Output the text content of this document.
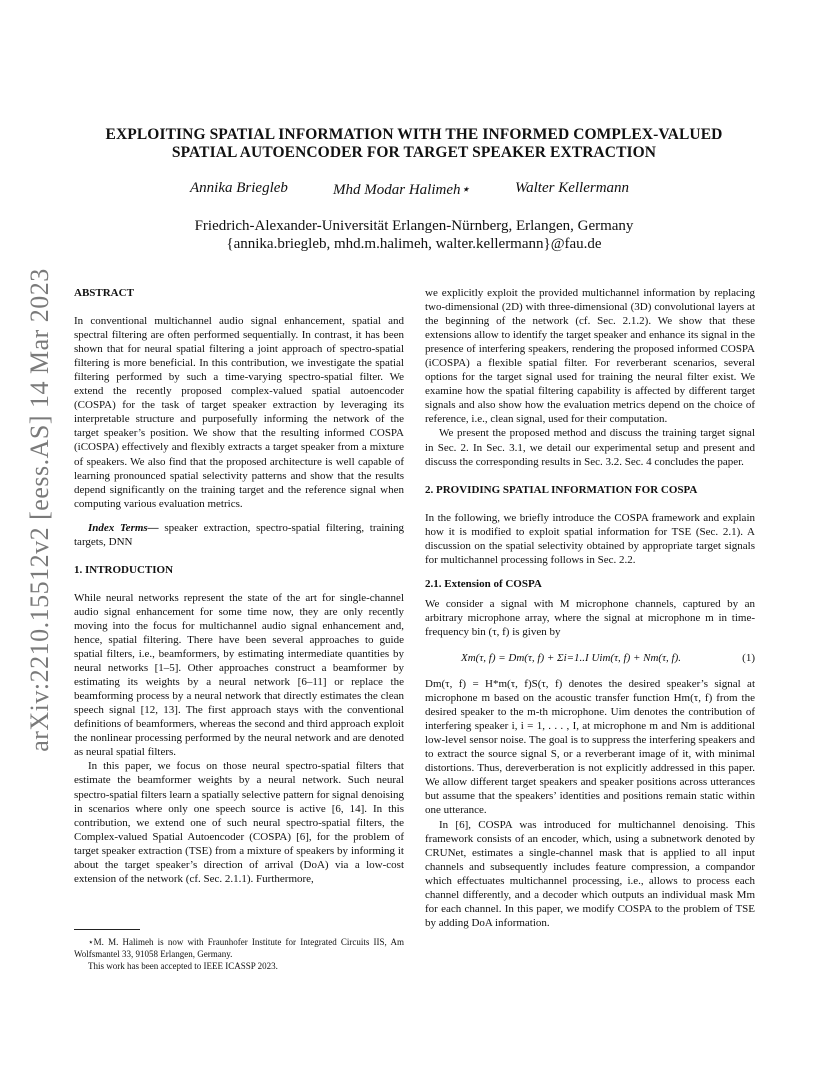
arXiv:2210.15512v2 [eess.AS] 14 Mar 2023
EXPLOITING SPATIAL INFORMATION WITH THE INFORMED COMPLEX-VALUED
SPATIAL AUTOENCODER FOR TARGET SPEAKER EXTRACTION
Annika Briegleb	Mhd Modar Halimeh⋆	Walter Kellermann
Friedrich-Alexander-Universität Erlangen-Nürnberg, Erlangen, Germany
{annika.briegleb, mhd.m.halimeh, walter.kellermann}@fau.de

ABSTRACT

In conventional multichannel audio signal enhancement, spatial and spectral filtering are often performed sequentially. In contrast, it has been shown that for neural spatial filtering a joint approach of spectro-spatial filtering is more beneficial. In this contribution, we investigate the spatial filtering performed by such a time-varying spectro-spatial filter. We extend the recently proposed complex-valued spatial autoencoder (COSPA) for the task of target speaker extraction by leveraging its interpretable structure and purposefully informing the network of the target speaker’s position. We show that the resulting informed COSPA (iCOSPA) effectively and flexibly extracts a target speaker from a mixture of speakers. We also find that the proposed architecture is well capable of learning pronounced spatial selectivity patterns and show that the results depend significantly on the training target and the reference signal when computing various evaluation metrics.

Index Terms— speaker extraction, spectro-spatial filtering, training targets, DNN

1. INTRODUCTION

While neural networks represent the state of the art for single-channel audio signal enhancement for some time now, they are only recently moving into the focus for multichannel audio signal enhancement and, hence, spatial filtering. There have been several approaches to guide spatial filters, i.e., beamformers, by estimating intermediate quantities by neural networks [1–5]. Other approaches construct a beamformer by estimating its weights by a neural network [6–11] or replace the beamforming process by a neural network that directly estimates the clean speech signal [12, 13]. The first approach stays with the conventional definitions of beamformers, whereas the second and third approach exploit the nonlinear processing performed by the neural network and are denoted as neural spatial filters.

In this paper, we focus on those neural spectro-spatial filters that estimate the beamformer weights by a neural network. Such neural spectro-spatial filters learn a spatially selective pattern for signal denoising in scenarios where only one speech source is active [6, 14]. In this contribution, we extend one of such neural spectro-spatial filters, the Complex-valued Spatial Autoencoder (COSPA) [6], for the problem of target speaker extraction (TSE) from a mixture of speakers by informing it about the target speaker’s direction of arrival (DoA) via a low-cost extension of the network (cf. Sec. 2.1.1). Furthermore,

⋆M. M. Halimeh is now with Fraunhofer Institute for Integrated Circuits IIS, Am Wolfsmantel 33, 91058 Erlangen, Germany.

This work has been accepted to IEEE ICASSP 2023.

we explicitly exploit the provided multichannel information by replacing two-dimensional (2D) with three-dimensional (3D) convolutional layers at the beginning of the network (cf. Sec. 2.1.2). We show that these extensions allow to identify the target speaker and enhance its signal in the presence of interfering speakers, rendering the proposed informed COSPA (iCOSPA) a flexible spatial filter. For reverberant scenarios, several options for the target signal used for training the neural filter exist. We examine how the spatial filtering capability is affected by different target signals and also show how the evaluation metrics depend on the choice of reference, i.e., clean signal, used for their computation.

We present the proposed method and discuss the training target signal in Sec. 2. In Sec. 3.1, we detail our experimental setup and present and discuss the corresponding results in Sec. 3.2. Sec. 4 concludes the paper.

2. PROVIDING SPATIAL INFORMATION FOR COSPA

In the following, we briefly introduce the COSPA framework and explain how it is modified to exploit spatial information for TSE (Sec. 2.1). A discussion on the spatial selectivity obtained by appropriate target signals for multichannel processing follows in Sec. 2.2.

2.1. Extension of COSPA

We consider a signal with M microphone channels, captured by an arbitrary microphone array, where the signal at microphone m in time-frequency bin (τ, f) is given by

Xm(τ, f) = Dm(τ, f) + Σi=1..I Uim(τ, f) + Nm(τ, f).	(1)

Dm(τ, f) = H*m(τ, f)S(τ, f) denotes the desired speaker’s signal at microphone m based on the acoustic transfer function Hm(τ, f) from the desired speaker to the m-th microphone. Uim denotes the contribution of interfering speaker i, i = 1, . . . , I, at microphone m and Nm is additional low-level sensor noise. The goal is to suppress the interfering speakers and to extract the source signal S, or a reverberant image of it, with minimal distortions. Thus, dereverberation is not explicitly addressed in this paper. We allow different target speakers and speaker positions across utterances but assume that the speakers’ identities and positions remain static within one utterance.

In [6], COSPA was introduced for multichannel denoising. This framework consists of an encoder, which, using a subnetwork denoted by CRUNet, estimates a single-channel mask that is applied to all input channels and subsequently includes feature compression, a compandor which effectuates multichannel processing, i.e., allows to process each channel differently, and a decoder which outputs an individual mask Mm for each channel. In this paper, we modify COSPA to the problem of TSE by adding DoA information.
